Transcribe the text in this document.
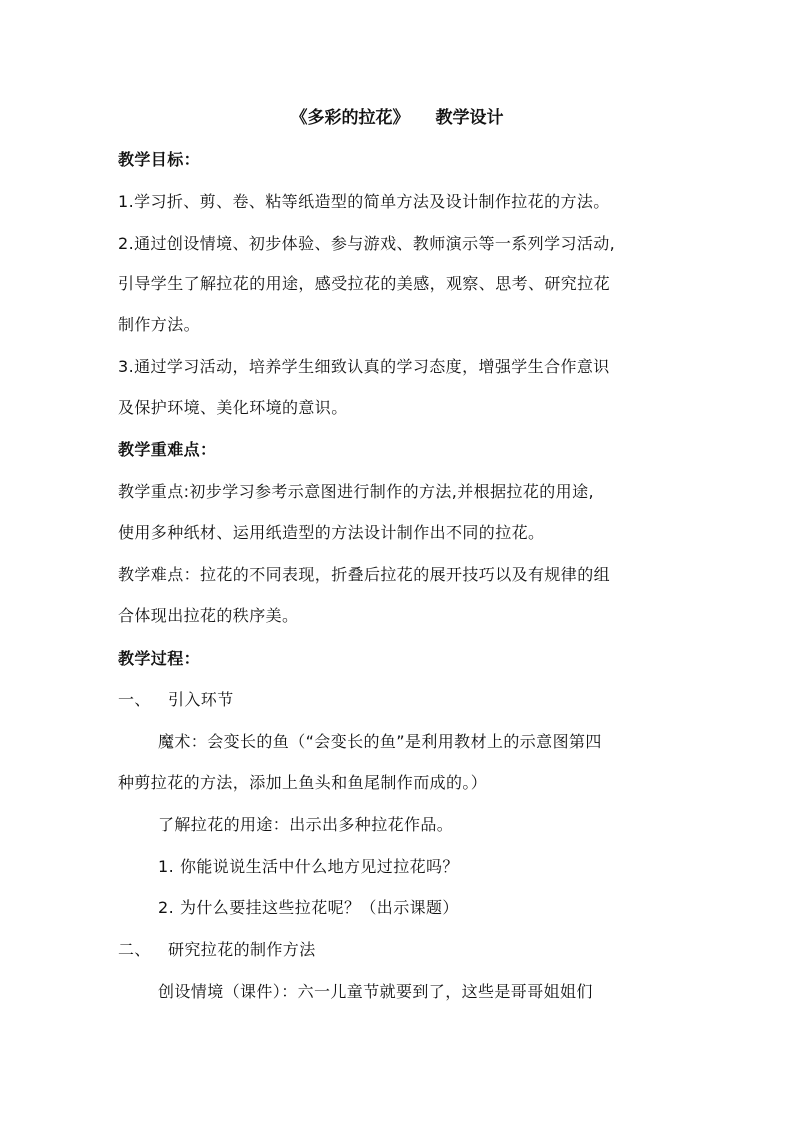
《多彩的拉花》 教学设计
教学目标：
1.学习折、剪、卷、粘等纸造型的简单方法及设计制作拉花的方法。
2.通过创设情境、初步体验、参与游戏、教师演示等一系列学习活动,
引导学生了解拉花的用途，感受拉花的美感，观察、思考、研究拉花
制作方法。
3.通过学习活动，培养学生细致认真的学习态度，增强学生合作意识
及保护环境、美化环境的意识。
教学重难点：
教学重点:初步学习参考示意图进行制作的方法,并根据拉花的用途,
使用多种纸材、运用纸造型的方法设计制作出不同的拉花。
教学难点：拉花的不同表现，折叠后拉花的展开技巧以及有规律的组
合体现出拉花的秩序美。
教学过程：
一、 引入环节
魔术：会变长的鱼（“会变长的鱼”是利用教材上的示意图第四
种剪拉花的方法，添加上鱼头和鱼尾制作而成的。）
了解拉花的用途：出示出多种拉花作品。
1. 你能说说生活中什么地方见过拉花吗？
2. 为什么要挂这些拉花呢？（出示课题）
二、 研究拉花的制作方法
创设情境（课件）：六一儿童节就要到了，这些是哥哥姐姐们
